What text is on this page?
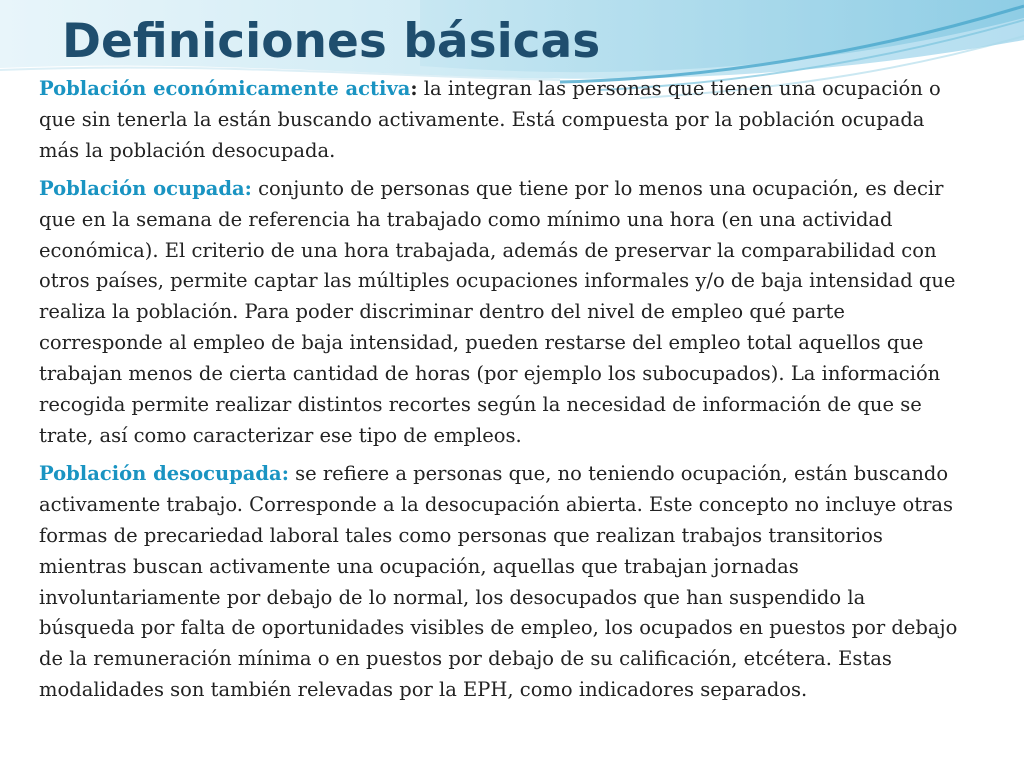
Definiciones básicas

Población económicamente activa: la integran las personas que tienen una ocupación o que sin tenerla la están buscando activamente. Está compuesta por la población ocupada más la población desocupada.

Población ocupada: conjunto de personas que tiene por lo menos una ocupación, es decir que en la semana de referencia ha trabajado como mínimo una hora (en una actividad económica). El criterio de una hora trabajada, además de preservar la comparabilidad con otros países, permite captar las múltiples ocupaciones informales y/o de baja intensidad que realiza la población. Para poder discriminar dentro del nivel de empleo qué parte corresponde al empleo de baja intensidad, pueden restarse del empleo total aquellos que trabajan menos de cierta cantidad de horas (por ejemplo los subocupados). La información recogida permite realizar distintos recortes según la necesidad de información de que se trate, así como caracterizar ese tipo de empleos.

Población desocupada: se refiere a personas que, no teniendo ocupación, están buscando activamente trabajo. Corresponde a la desocupación abierta. Este concepto no incluye otras formas de precariedad laboral tales como personas que realizan trabajos transitorios mientras buscan activamente una ocupación, aquellas que trabajan jornadas involuntariamente por debajo de lo normal, los desocupados que han suspendido la búsqueda por falta de oportunidades visibles de empleo, los ocupados en puestos por debajo de la remuneración mínima o en puestos por debajo de su calificación, etcétera. Estas modalidades son también relevadas por la EPH, como indicadores separados.
